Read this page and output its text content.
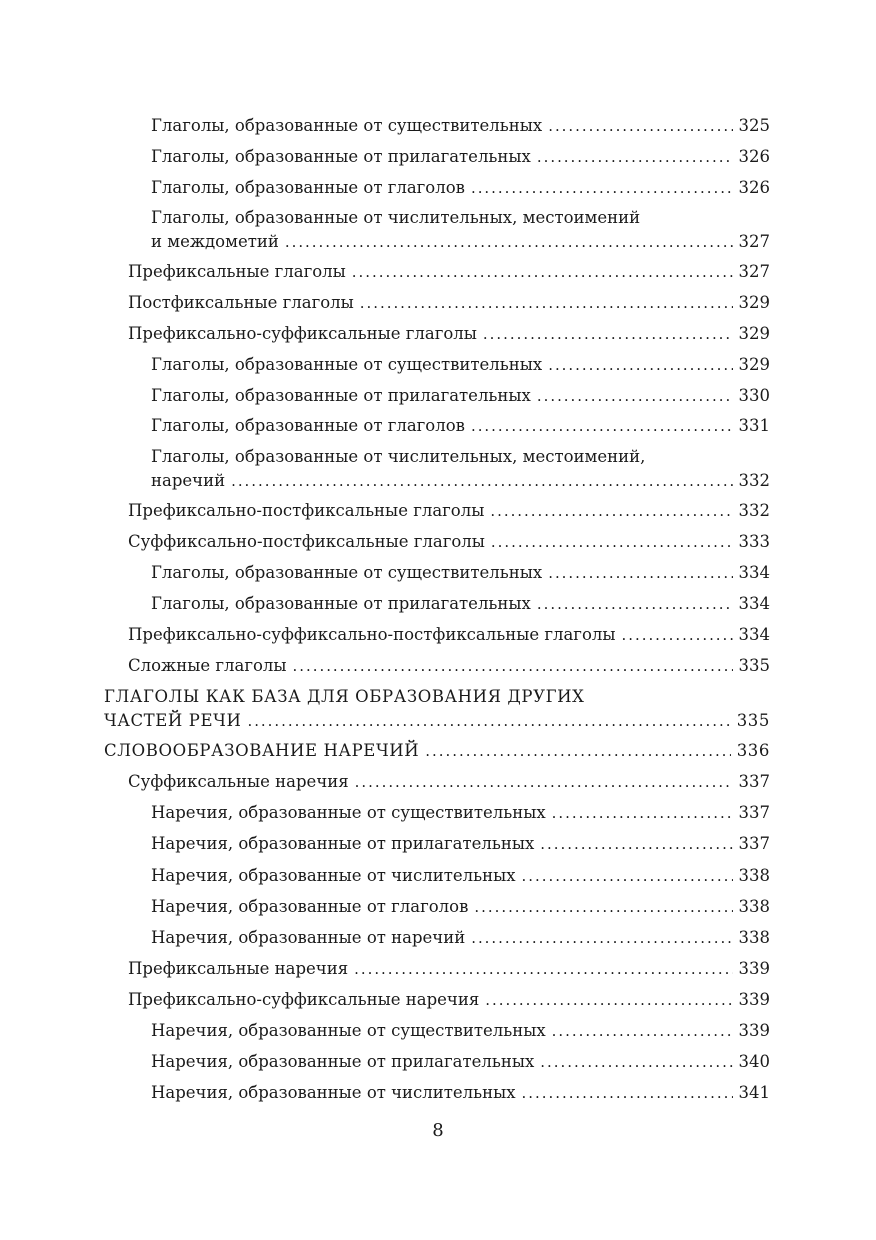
Глаголы, образованные от существительных . . .	325
Глаголы, образованные от прилагательных . . .	326
Глаголы, образованные от глаголов . . .	326
Глаголы, образованные от числительных, местоимений
и междометий . . .	327
Префиксальные глаголы . . .	327
Постфиксальные глаголы . . .	329
Префиксально-суффиксальные глаголы . . .	329
Глаголы, образованные от существительных . . .	329
Глаголы, образованные от прилагательных . . .	330
Глаголы, образованные от глаголов . . .	331
Глаголы, образованные от числительных, местоимений,
наречий . . .	332
Префиксально-постфиксальные глаголы . . .	332
Суффиксально-постфиксальные глаголы . . .	333
Глаголы, образованные от существительных . . .	334
Глаголы, образованные от прилагательных . . .	334
Префиксально-суффиксально-постфиксальные глаголы . . .	334
Сложные глаголы . . .	335
ГЛАГОЛЫ КАК БАЗА ДЛЯ ОБРАЗОВАНИЯ ДРУГИХ
ЧАСТЕЙ РЕЧИ . . .	335
СЛОВООБРАЗОВАНИЕ НАРЕЧИЙ . . .	336
Суффиксальные наречия . . .	337
Наречия, образованные от существительных . . .	337
Наречия, образованные от прилагательных . . .	337
Наречия, образованные от числительных . . .	338
Наречия, образованные от глаголов . . .	338
Наречия, образованные от наречий . . .	338
Префиксальные наречия . . .	339
Префиксально-суффиксальные наречия . . .	339
Наречия, образованные от существительных . . .	339
Наречия, образованные от прилагательных . . .	340
Наречия, образованные от числительных . . .	341
8
